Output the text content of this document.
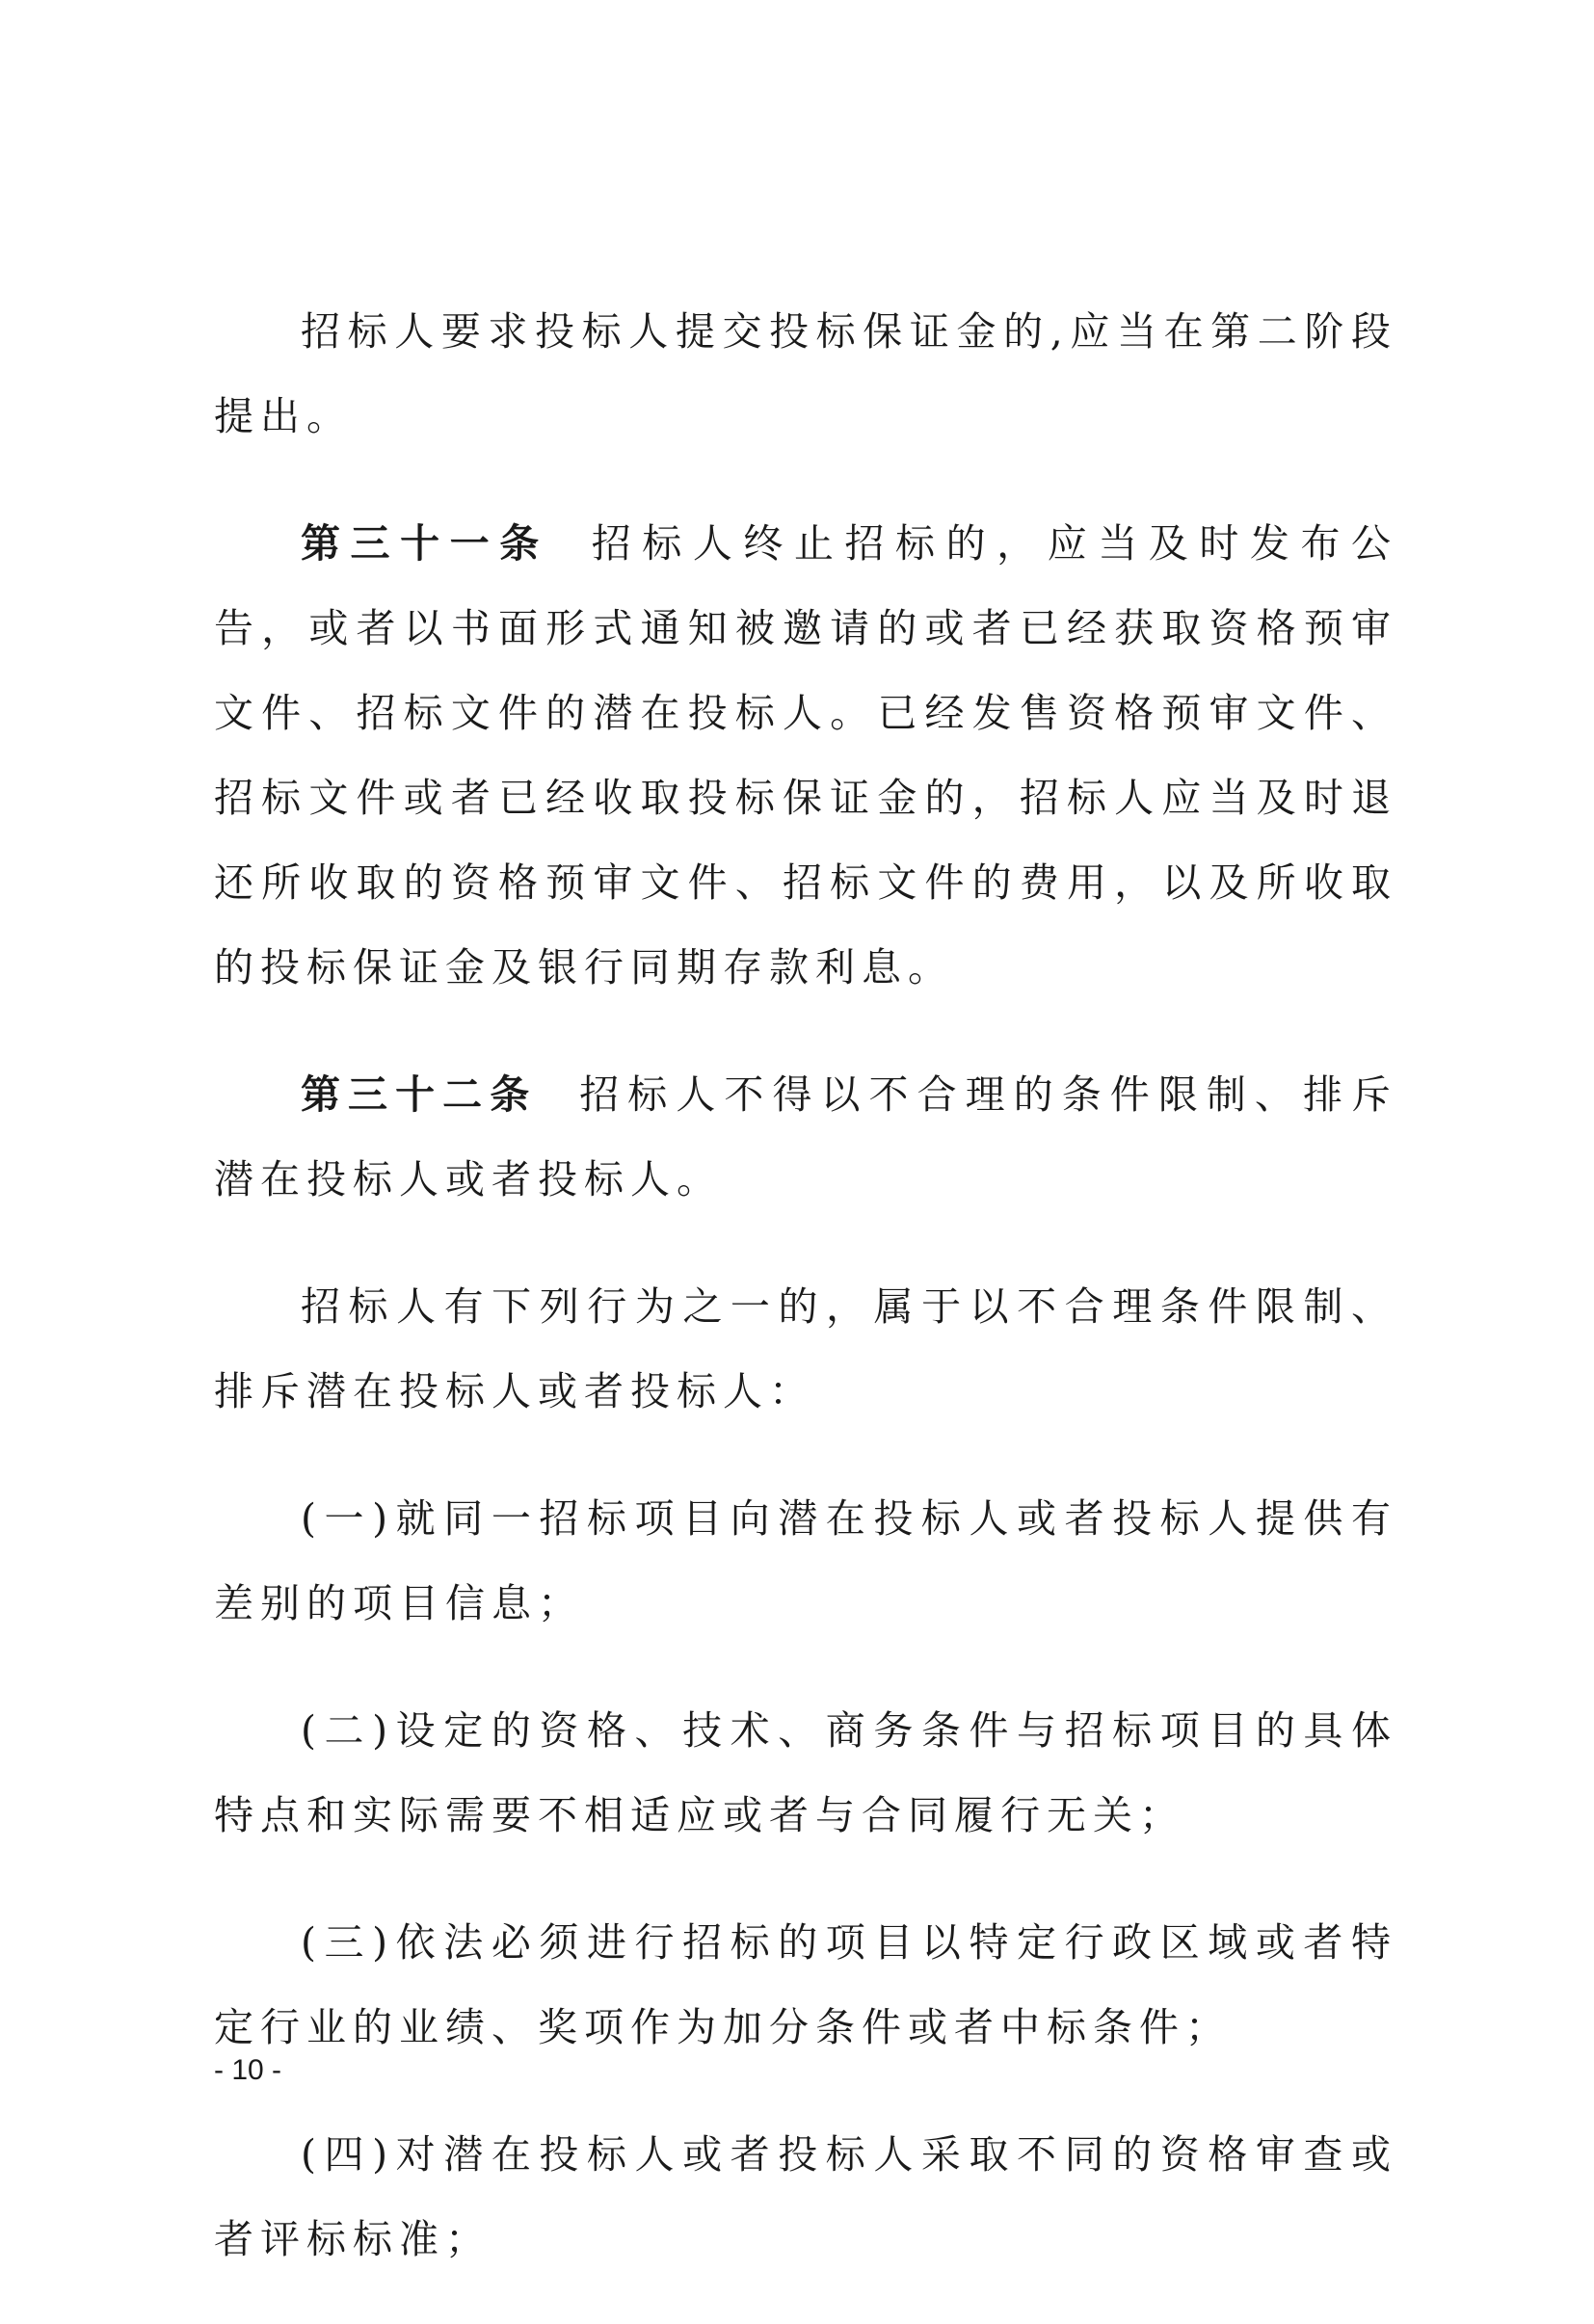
招标人要求投标人提交投标保证金的,应当在第二阶段提出。

第三十一条 招标人终止招标的，应当及时发布公告，或者以书面形式通知被邀请的或者已经获取资格预审文件、招标文件的潜在投标人。已经发售资格预审文件、招标文件或者已经收取投标保证金的，招标人应当及时退还所收取的资格预审文件、招标文件的费用，以及所收取的投标保证金及银行同期存款利息。

第三十二条 招标人不得以不合理的条件限制、排斥潜在投标人或者投标人。

招标人有下列行为之一的，属于以不合理条件限制、排斥潜在投标人或者投标人：

(一)就同一招标项目向潜在投标人或者投标人提供有差别的项目信息；

(二)设定的资格、技术、商务条件与招标项目的具体特点和实际需要不相适应或者与合同履行无关；

(三)依法必须进行招标的项目以特定行政区域或者特定行业的业绩、奖项作为加分条件或者中标条件；

(四)对潜在投标人或者投标人采取不同的资格审查或者评标标准；

- 10 -
